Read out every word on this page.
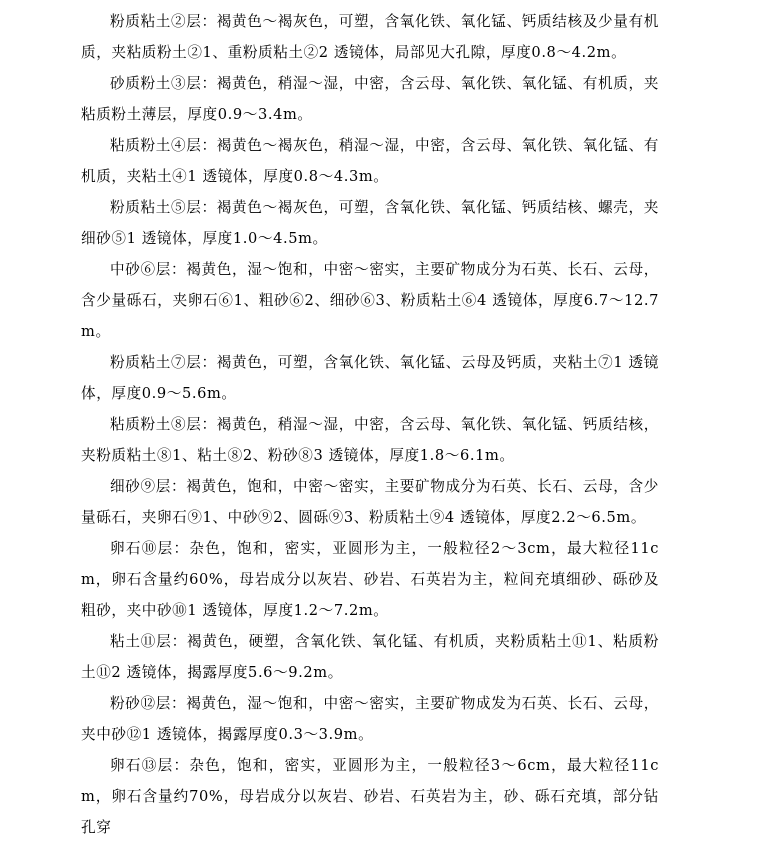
粉质粘土②层：褐黄色～褐灰色，可塑，含氧化铁、氧化锰、钙质结核及少量有机质，夹粘质粉土②1、重粉质粘土②2 透镜体，局部见大孔隙，厚度0.8～4.2m。

砂质粉土③层：褐黄色，稍湿～湿，中密，含云母、氧化铁、氧化锰、有机质，夹粘质粉土薄层，厚度0.9～3.4m。

粘质粉土④层：褐黄色～褐灰色，稍湿～湿，中密，含云母、氧化铁、氧化锰、有机质，夹粘土④1 透镜体，厚度0.8～4.3m。

粉质粘土⑤层：褐黄色～褐灰色，可塑，含氧化铁、氧化锰、钙质结核、螺壳，夹细砂⑤1 透镜体，厚度1.0～4.5m。

中砂⑥层：褐黄色，湿～饱和，中密～密实，主要矿物成分为石英、长石、云母，含少量砾石，夹卵石⑥1、粗砂⑥2、细砂⑥3、粉质粘土⑥4 透镜体，厚度6.7～12.7m。

粉质粘土⑦层：褐黄色，可塑，含氧化铁、氧化锰、云母及钙质，夹粘土⑦1 透镜体，厚度0.9～5.6m。

粘质粉土⑧层：褐黄色，稍湿～湿，中密，含云母、氧化铁、氧化锰、钙质结核，夹粉质粘土⑧1、粘土⑧2、粉砂⑧3 透镜体，厚度1.8～6.1m。

细砂⑨层：褐黄色，饱和，中密～密实，主要矿物成分为石英、长石、云母，含少量砾石，夹卵石⑨1、中砂⑨2、圆砾⑨3、粉质粘土⑨4 透镜体，厚度2.2～6.5m。

卵石⑩层：杂色，饱和，密实，亚圆形为主，一般粒径2～3cm，最大粒径11cm，卵石含量约60%，母岩成分以灰岩、砂岩、石英岩为主，粒间充填细砂、砾砂及粗砂，夹中砂⑩1 透镜体，厚度1.2～7.2m。

粘土⑪层：褐黄色，硬塑，含氧化铁、氧化锰、有机质，夹粉质粘土⑪1、粘质粉土⑪2 透镜体，揭露厚度5.6～9.2m。

粉砂⑫层：褐黄色，湿～饱和，中密～密实，主要矿物成发为石英、长石、云母，夹中砂⑫1 透镜体，揭露厚度0.3～3.9m。

卵石⑬层：杂色，饱和，密实，亚圆形为主，一般粒径3～6cm，最大粒径11cm，卵石含量约70%，母岩成分以灰岩、砂岩、石英岩为主，砂、砾石充填，部分钻孔穿
